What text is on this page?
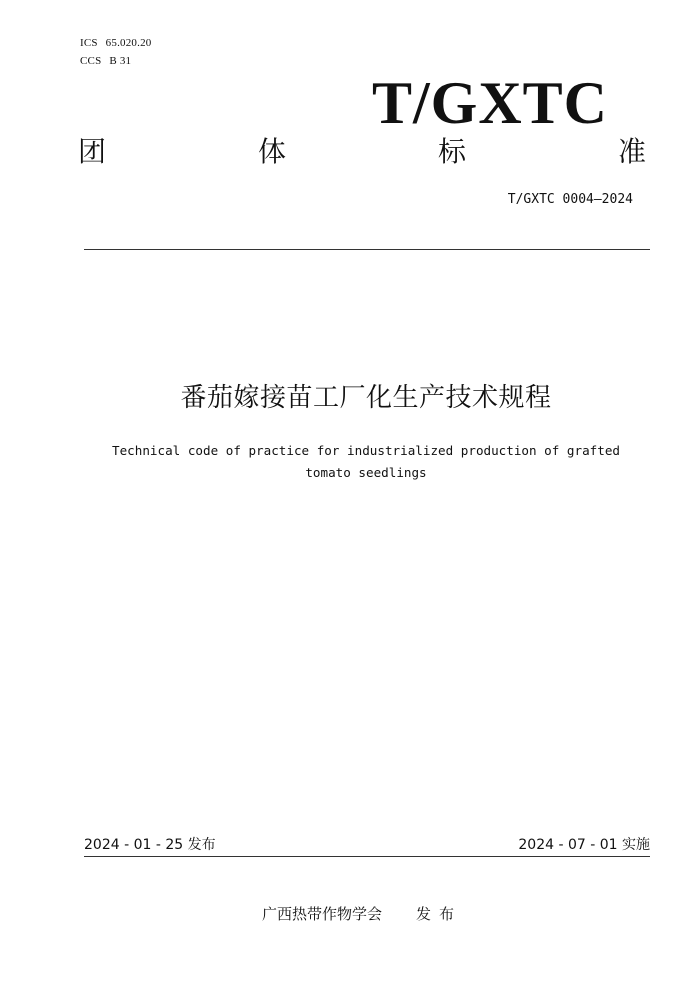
ICS 65.020.20
CCS B 31
T/GXTC
团	体	标	准
T/GXTC 0004—2024
番茄嫁接苗工厂化生产技术规程
Technical code of practice for industrialized production of grafted
tomato seedlings
2024 - 01 - 25 发布	2024 - 07 - 01 实施
广西热带作物学会 发 布
